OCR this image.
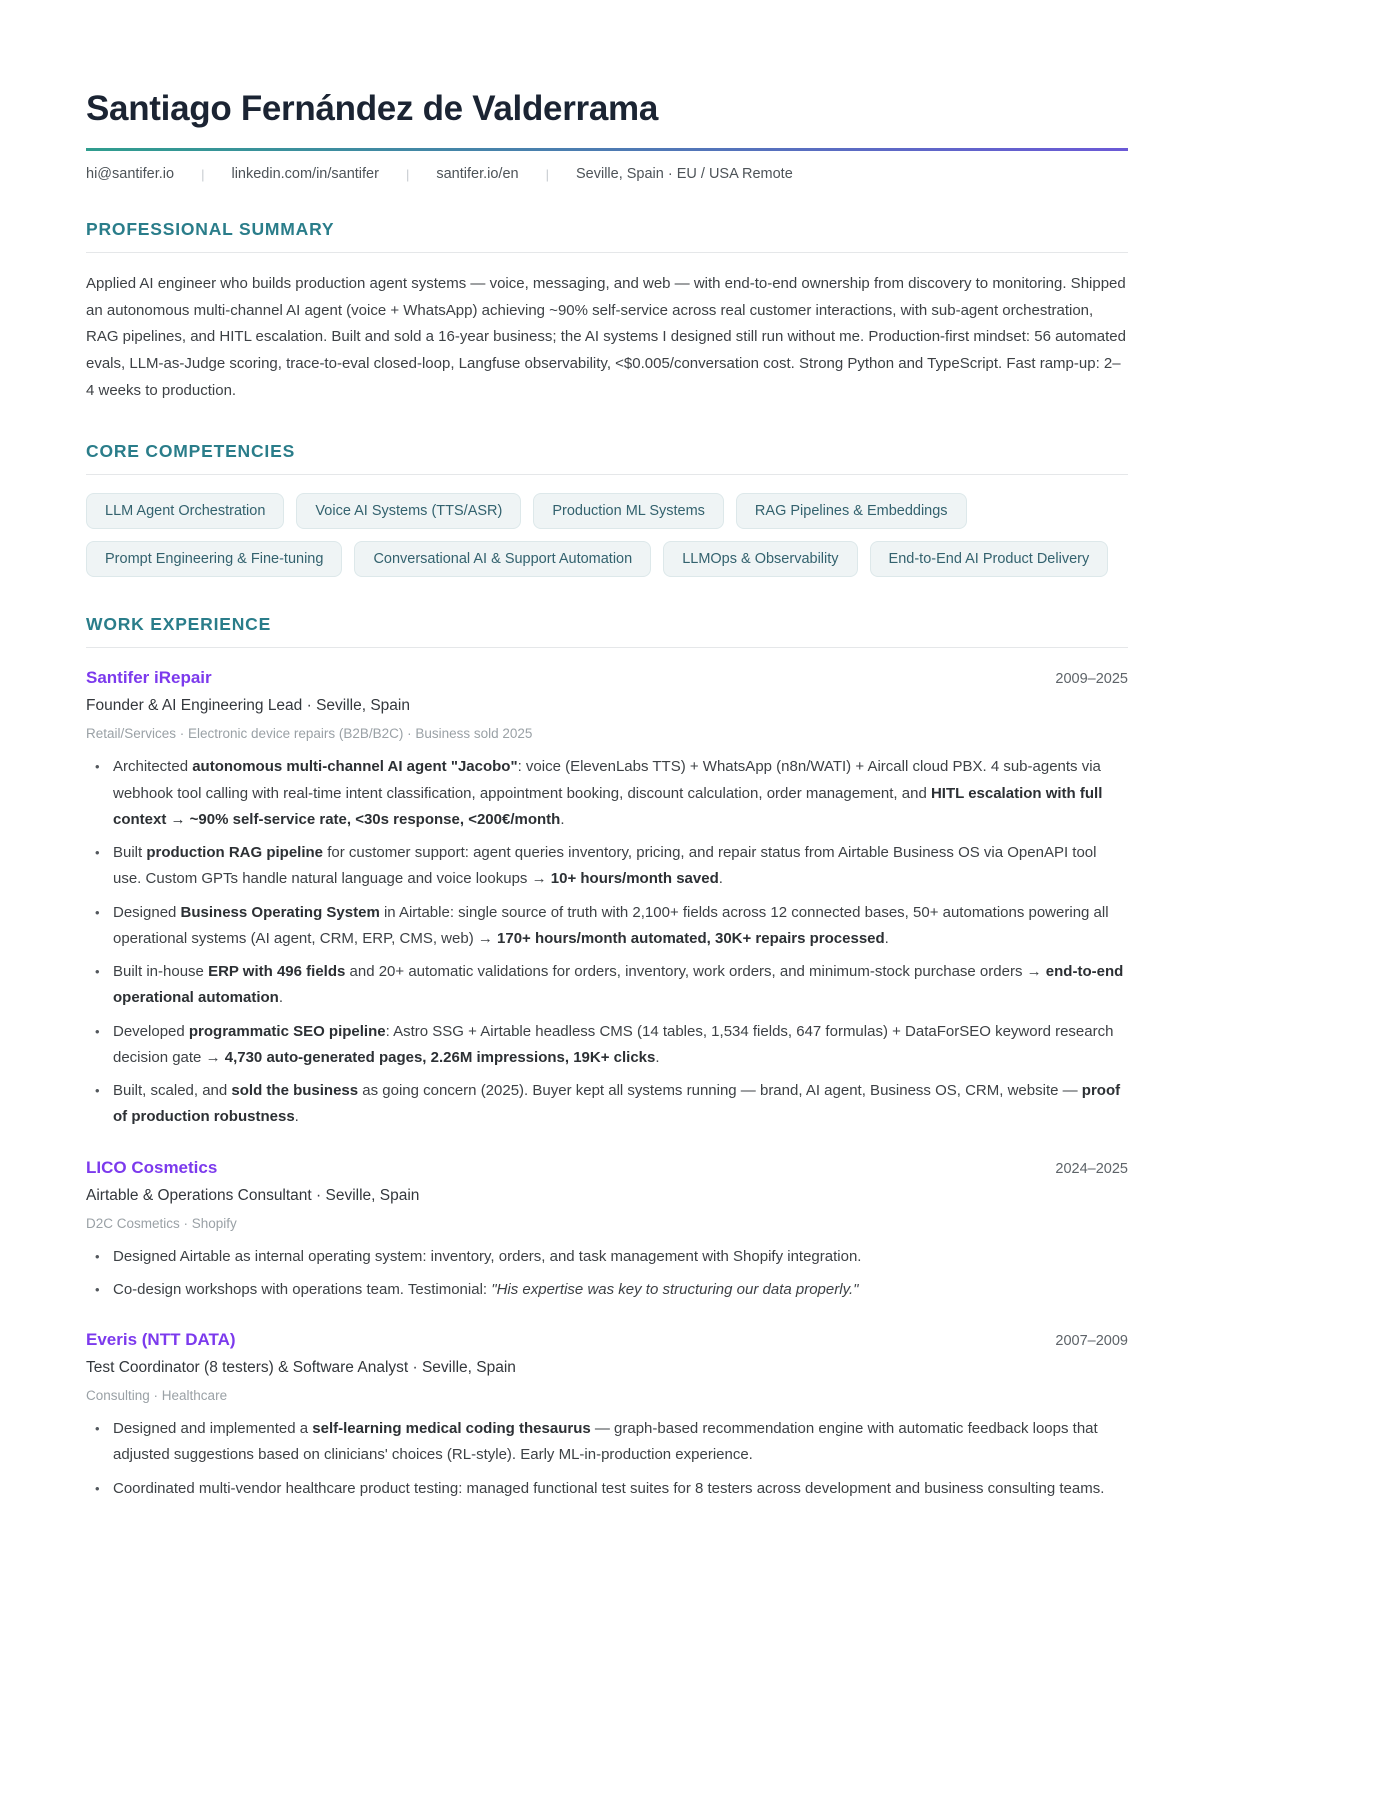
Santiago Fernández de Valderrama
hi@santifer.io | linkedin.com/in/santifer | santifer.io/en | Seville, Spain · EU / USA Remote
PROFESSIONAL SUMMARY

Applied AI engineer who builds production agent systems — voice, messaging, and web — with end-to-end ownership from discovery to monitoring. Shipped an autonomous multi-channel AI agent (voice + WhatsApp) achieving ~90% self-service across real customer interactions, with sub-agent orchestration, RAG pipelines, and HITL escalation. Built and sold a 16-year business; the AI systems I designed still run without me. Production-first mindset: 56 automated evals, LLM-as-Judge scoring, trace-to-eval closed-loop, Langfuse observability, <$0.005/conversation cost. Strong Python and TypeScript. Fast ramp-up: 2–4 weeks to production.

CORE COMPETENCIES
LLM Agent Orchestration	Voice AI Systems (TTS/ASR)	Production ML Systems	RAG Pipelines & Embeddings
Prompt Engineering & Fine-tuning	Conversational AI & Support Automation	LLMOps & Observability	End-to-End AI Product Delivery
WORK EXPERIENCE
Santifer iRepair	2009–2025
Founder & AI Engineering Lead · Seville, Spain
Retail/Services · Electronic device repairs (B2B/B2C) · Business sold 2025
• Architected autonomous multi-channel AI agent "Jacobo": voice (ElevenLabs TTS) + WhatsApp (n8n/WATI) + Aircall cloud PBX. 4 sub-agents via webhook tool calling with real-time intent classification, appointment booking, discount calculation, order management, and HITL escalation with full context → ~90% self-service rate, <30s response, <200€/month.
• Built production RAG pipeline for customer support: agent queries inventory, pricing, and repair status from Airtable Business OS via OpenAPI tool use. Custom GPTs handle natural language and voice lookups → 10+ hours/month saved.
• Designed Business Operating System in Airtable: single source of truth with 2,100+ fields across 12 connected bases, 50+ automations powering all operational systems (AI agent, CRM, ERP, CMS, web) → 170+ hours/month automated, 30K+ repairs processed.
• Built in-house ERP with 496 fields and 20+ automatic validations for orders, inventory, work orders, and minimum-stock purchase orders → end-to-end operational automation.
• Developed programmatic SEO pipeline: Astro SSG + Airtable headless CMS (14 tables, 1,534 fields, 647 formulas) + DataForSEO keyword research decision gate → 4,730 auto-generated pages, 2.26M impressions, 19K+ clicks.
• Built, scaled, and sold the business as going concern (2025). Buyer kept all systems running — brand, AI agent, Business OS, CRM, website — proof of production robustness.
LICO Cosmetics	2024–2025
Airtable & Operations Consultant · Seville, Spain
D2C Cosmetics · Shopify
• Designed Airtable as internal operating system: inventory, orders, and task management with Shopify integration.
• Co-design workshops with operations team. Testimonial: "His expertise was key to structuring our data properly."
Everis (NTT DATA)	2007–2009
Test Coordinator (8 testers) & Software Analyst · Seville, Spain
Consulting · Healthcare
• Designed and implemented a self-learning medical coding thesaurus — graph-based recommendation engine with automatic feedback loops that adjusted suggestions based on clinicians' choices (RL-style). Early ML-in-production experience.
• Coordinated multi-vendor healthcare product testing: managed functional test suites for 8 testers across development and business consulting teams.
